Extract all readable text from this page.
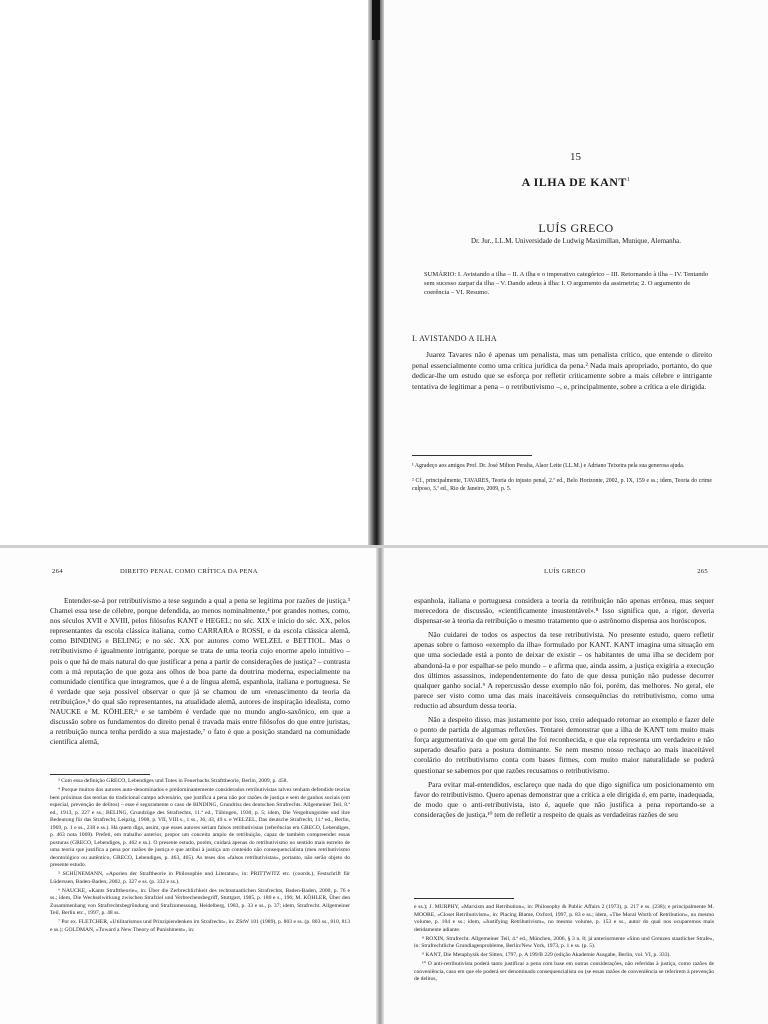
15
A ILHA DE KANT$^1$
LUÍS GRECO
Dr. Jur., LL.M. Universidade de Ludwig Maximillan, Munique, Alemanha.
SUMÁRIO: I. Avistando a ilha – II. A ilha e o imperativo categórico – III. Retornando à ilha – IV. Tentando sem sucesso zarpar da ilha – V. Dando adeus à ilha: I. O argumento da assimetria; 2. O argumento de coerência – VI. Resumo.
I. AVISTANDO A ILHA
Juarez Tavares não é apenas um penalista, mas um penalista crítico, que entende o direito penal essencialmente como uma crítica jurídica da pena.² Nada mais apropriado, portanto, do que dedicar-lhe um estudo que se esforça por refletir criticamente sobre a mais célebre e intrigante tentativa de legitimar a pena – o retributivismo –, e, principalmente, sobre a crítica a ele dirigida.
¹ Agradeço aos amigos Prof. Dr. José Milton Peralta, Alaor Leite (LL.M.) e Adriano Teixeira pela sua generosa ajuda.
² Cf., principalmente, TAVARES, Teoria do injusto penal, 2.ª ed., Belo Horizonte, 2002, p. IX, 159 e ss.; idem, Teoria do crime culposo, 3.ª ed., Rio de Janeiro, 2009, p. 5.
264	DIREITO PENAL COMO CRÍTICA DA PENA

Entender-se-á por retributivismo a tese segundo a qual a pena se legitima por razões de justiça.³ Chamei essa tese de célebre, porque defendida, ao menos nominalmente,⁴ por grandes nomes, como, nos séculos XVII e XVIII, pelos filósofos KANT e HEGEL; no séc. XIX e início do séc. XX, pelos representantes da escola clássica italiana, como CARRARA e ROSSI, e da escola clássica alemã, como BINDING e BELING; e no séc. XX por autores como WELZEL e BETTIOL. Mas o retributivismo é igualmente intrigante, porque se trata de uma teoria cujo enorme apelo intuitivo – pois o que há de mais natural do que justificar a pena a partir de considerações de justiça? – contrasta com a má reputação de que goza aos olhos de boa parte da doutrina moderna, especialmente na comunidade científica que integramos, que é a de língua alemã, espanhola, italiana e portuguesa. Se é verdade que seja possível observar o que já se chamou de um «renascimento da teoria da retribuição»,⁵ do qual são representantes, na atualidade alemã, autores de inspiração idealista, como NAUCKE e M. KÖHLER,⁶ e se também é verdade que no mundo anglo-saxônico, em que a discussão sobre os fundamentos do direito penal é travada mais entre filósofos do que entre juristas, a retribuição nunca tenha perdido a sua majestade,⁷ o fato é que a posição standard na comunidade científica alemã,

³ Com essa definição GRECO, Lebendiges und Totes in Feuerbachs Strafttheorie, Berlin, 2009, p. 458.

⁴ Porque muitos dos autores auto-denominados e predominantemente considerados retributivistas talvez tenham defendido teorias bem próximas das teorias do tradicional campo adversário, que justifica a pena não por razões de justiça e sem de ganhos sociais (em especial, prevenção de delitos) – esse é seguramente o caso de BINDING, Grundriss des deutschen Strafrechts. Allgemeiner Teil, 8.ª ed., 1913, p. 227 e ss.; BELING, Grundzüge des Strafrechts, 11.ª ed., Tübingen, 1930, p. 5; idem, Die Vergeltungsidee und ihre Bedeutung für das Strafrecht, Leipzig, 1908, p. VII, VIII s., 1 ss., 36, 43, 49 s. e WELZEL, Das deutsche Strafrecht, 11.ª ed., Berlin, 1969, p. 1 e ss., 238 e ss.). Há quem diga, assim, que esses autores seriam falsos retributivistas (referências em GRECO, Lebendiges, p. 463 nota 1069). Prefeti, em trabalho anterior, propor um conceito amplo de retribuição, capaz de também compreender essas posturas (GRECO, Lebendiges, p. 462 e ss.). O presente estudo, porém, cuidará apenas do retributivismo no sentido mais estreito de uma teoria que justifica a pena por razões de justiça e que atribui à justiça um conteúdo não consequencialista (meu retributivismo deontológico ou autêntico, GRECO, Lebendiges, p. 463, 465). As teses dos «falsos retributivistas», portanto, não serão objeto do presente estudo.

⁵ SCHÜNEMANN, «Aporien der Straftheorie in Philosophie und Literatur», in: PRITTWITZ etc. (coords.), Festschrift für Lüderssen, Baden-Baden, 2002, p. 327 e ss. (p. 332 e ss.).

⁶ NAUCKE, «Kants Strafttheorie», in: Über die Zerbrechlichkeit des rechtsstaatlichen Strafrechts, Baden-Baden, 2000, p. 76 e ss.; idem, Die Wechselwirkung zwischen Strafziel und Verbrechensbegriff, Stuttgart, 1985, p. 180 e s., 196; M. KÖHLER, Über den Zusammenhang von Strafrechtsbegründung und Strafzumessung, Heidelberg, 1983, p. 33 e ss., p. 37; idem, Strafrecht. Allgemeiner Teil, Berlin etc., 1997, p. 48 ss.

⁷ Por ex. FLETCHER, «Utilitarismus und Prinzipiendenken im Strafrecht», in: ZStW 101 (1989), p. 803 e ss. (p. 803 ss., 810, 813 e ss.); GOLDMAN, «Toward a New Theory of Punishment», in:

LUÍS GRECO	265

espanhola, italiana e portuguesa considera a teoria da retribuição não apenas errônea, mas sequer merecedora de discussão, «cientificamente insustentável».⁸ Isso significa que, a rigor, deveria dispensar-se à teoria da retribuição o mesmo tratamento que o astrônomo dispensa aos horóscopos.

Não cuidarei de todos os aspectos da tese retributivista. No presente estudo, quero refletir apenas sobre o famoso «exemplo da ilha» formulado por KANT. KANT imagina uma situação em que uma sociedade está a ponto de deixar de existir – os habitantes de uma ilha se decidem por abandoná-la e por espalhar-se pelo mundo – e afirma que, ainda assim, a justiça exigiria a execução dos últimos assassinos, independentemente do fato de que dessa punição não pudesse decorrer qualquer ganho social.⁹ A repercussão desse exemplo não foi, porém, das melhores. No geral, ele parece ser visto como uma das mais inaceitáveis consequências do retributivismo, como uma reductio ad absurdum dessa teoria.

Não a despeito disso, mas justamente por isso, creio adequado retornar ao exemplo e fazer dele o ponto de partida de algumas reflexões. Tentarei demonstrar que a ilha de KANT tem muito mais força argumentativa do que em geral lhe foi reconhecida, e que ela representa um verdadeiro e não superado desafio para a postura dominante. Se nem mesmo nosso rechaço ao mais inaceitável corolário do retributivismo conta com bases firmes, com muito maior naturalidade se poderá questionar se sabemos por que razões recusamos o retributivismo.

Para evitar mal-entendidos, esclareço que nada do que digo significa um posicionamento em favor do retributivismo. Quero apenas demonstrar que a crítica a ele dirigida é, em parte, inadequada, de modo que o anti-retributivista, isto é, aquele que não justifica a pena reportando-se a considerações de justiça,¹⁰ tem de refletir a respeito de quais as verdadeiras razões de seu

e ss.); J. MURPHY, «Marxism and Retribution», in: Philosophy & Public Affairs 2 (1973), p. 217 e ss. (238); e principalmente M. MOORE, «Closet Retributivism», in: Placing Blame, Oxford, 1997, p. 83 e ss.; idem, «The Moral Worth of Retribution», no mesmo volume, p. 104 e ss.; idem, «Justifying Retributivism», no mesmo volume, p. 153 e ss., autor do qual nos ocuparemos mais detidamente adiante.

⁸ ROXIN, Strafrecht. Allgemeiner Teil, 4.ª ed., München, 2006, § 3 n. 8; já anteriormente «Sinn und Grenzen staatlicher Strafe», in: Strafrechtliche Grundlagenprobleme, Berlin/New York, 1973, p. 1 e ss. (p. 5).

⁹ KANT, Die Metaphysik der Sitten, 1797, p. A 199/B 229 (edição Akademie Ausgabe, Berlin, vol. VI, p. 333).

¹⁰ O anti-retributivista poderá tanto justificar a pena com base em outras considerações, não referidas à justiça, como razões de conveniência, caso em que ele poderá ser denominado consequencialista ou (se essas razões de conveniência se referirem à prevenção de delitos,
